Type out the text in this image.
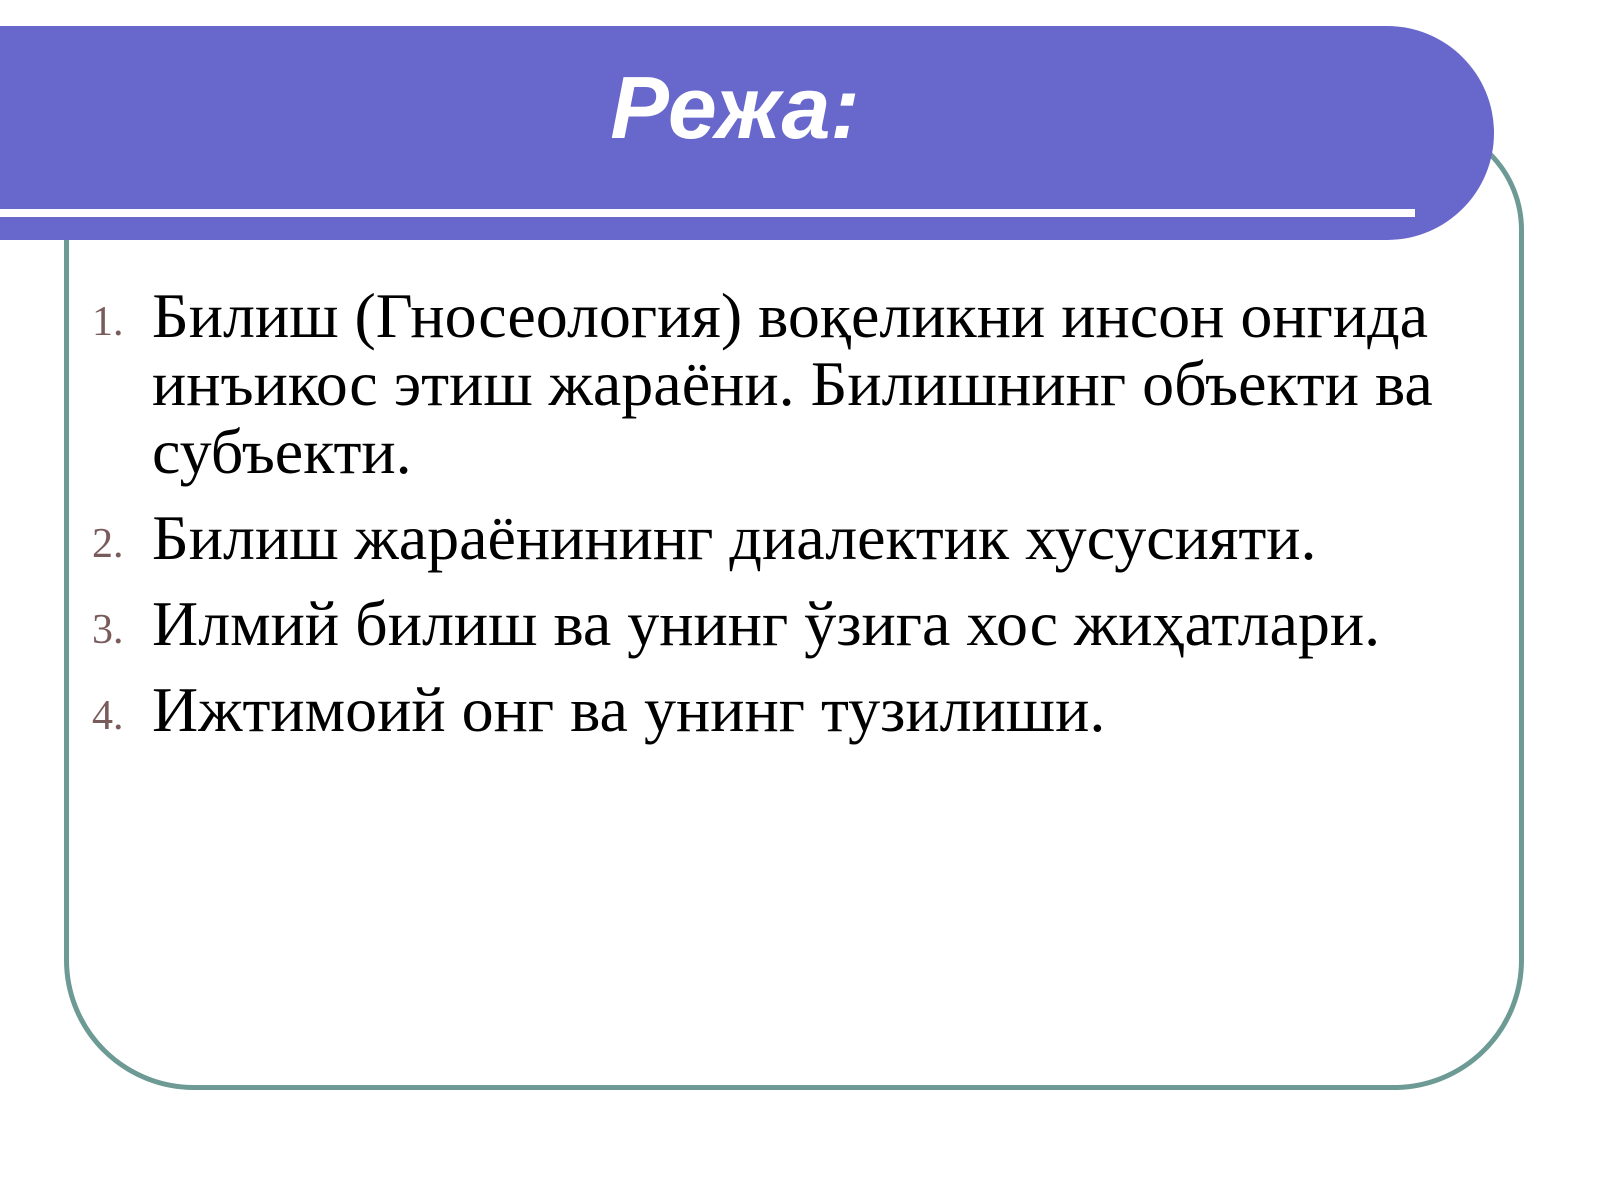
Режа:
1. Билиш (Гносеология) воқеликни инсон онгида инъикос этиш жараёни. Билишнинг объекти ва субъекти.
2. Билиш жараёнининг диалектик хусусияти.
3. Илмий билиш ва унинг ўзига хос жиҳатлари.
4. Ижтимоий онг ва унинг тузилиши.
